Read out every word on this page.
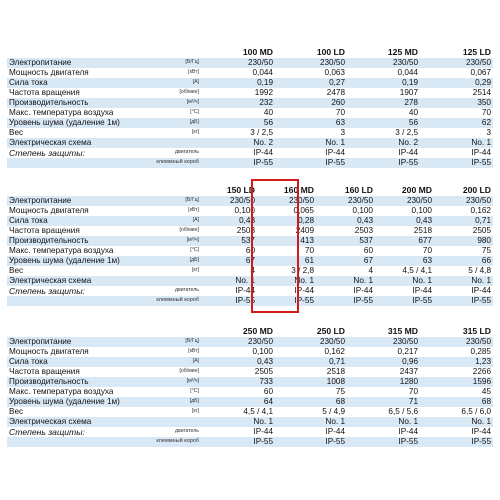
		100 MD	100 LD	125 MD	125 LD
Электропитание	[В/Гц]	230/50	230/50	230/50	230/50
Мощность двигателя	[кВт]	0,044	0,063	0,044	0,067
Сила тока	[A]	0,19	0,27	0,19	0,29
Частота вращения	[об/мин]	1992	2478	1907	2514
Производительность	[м³/ч]	232	260	278	350
Макс. температура воздуха	[°C]	40	70	40	70
Уровень шума (удаление 1м)	[дБ]	56	63	56	62
Вес	[кг]	3 / 2,5	3	3 / 2,5	3
Электрическая схема		No. 2	No. 1	No. 2	No. 1
Степень защиты:	двигатель	IP-44	IP-44	IP-44	IP-44
	клеммный короб	IP-55	IP-55	IP-55	IP-55
		150 LD	160 MD	160 LD	200 MD	200 LD
Электропитание	[В/Гц]	230/50	230/50	230/50	230/50	230/50
Мощность двигателя	[кВт]	0,100	0,065	0,100	0,100	0,162
Сила тока	[A]	0,43	0,28	0,43	0,43	0,71
Частота вращения	[об/мин]	2503	2409	2503	2518	2505
Производительность	[м³/ч]	537	413	537	677	980
Макс. температура воздуха	[°C]	60	70	60	70	75
Уровень шума (удаление 1м)	[дБ]	67	61	67	63	66
Вес	[кг]	4	3 / 2,8	4	4,5 / 4,1	5 / 4,8
Электрическая схема		No. 1	No. 1	No. 1	No. 1	No. 1
Степень защиты:	двигатель	IP-44	IP-44	IP-44	IP-44	IP-44
	клеммный короб	IP-55	IP-55	IP-55	IP-55	IP-55
		250 MD	250 LD	315 MD	315 LD
Электропитание	[В/Гц]	230/50	230/50	230/50	230/50
Мощность двигателя	[кВт]	0,100	0,162	0,217	0,285
Сила тока	[A]	0,43	0,71	0,96	1,23
Частота вращения	[об/мин]	2505	2518	2437	2266
Производительность	[м³/ч]	733	1008	1280	1596
Макс. температура воздуха	[°C]	60	75	70	45
Уровень шума (удаление 1м)	[дБ]	64	68	71	68
Вес	[кг]	4,5 / 4,1	5 / 4,9	6,5 / 5,6	6,5 / 6,0
Электрическая схема		No. 1	No. 1	No. 1	No. 1
Степень защиты:	двигатель	IP-44	IP-44	IP-44	IP-44
	клеммный короб	IP-55	IP-55	IP-55	IP-55
